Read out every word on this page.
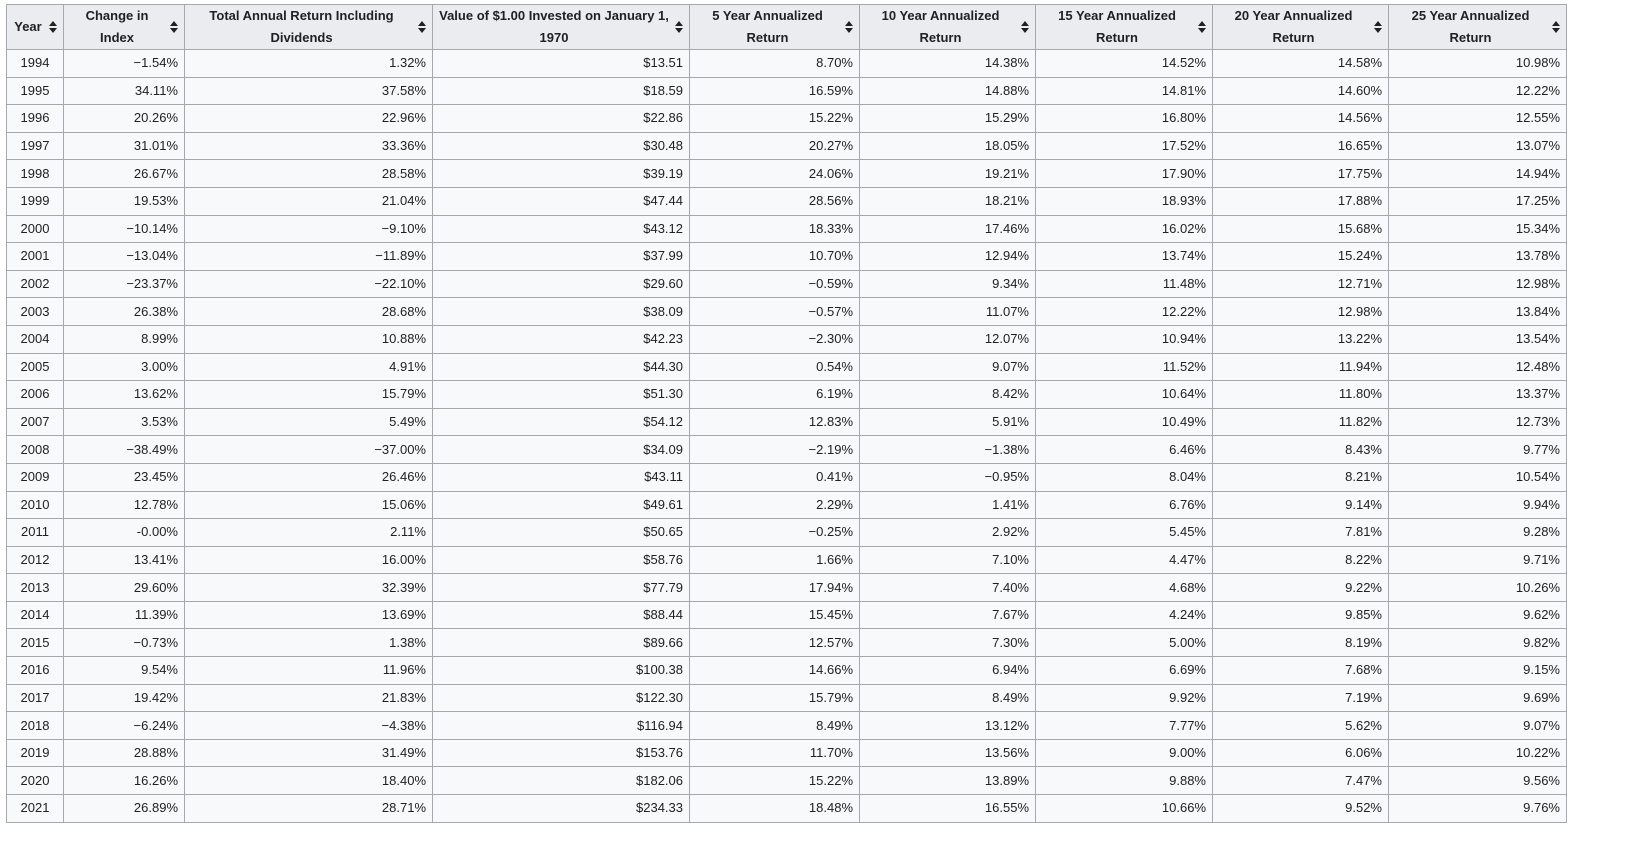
Year	Change in Index	Total Annual Return Including Dividends	Value of $1.00 Invested on January 1, 1970	5 Year Annualized Return	10 Year Annualized Return	15 Year Annualized Return	20 Year Annualized Return	25 Year Annualized Return

1994	−1.54%	1.32%	$13.51	8.70%	14.38%	14.52%	14.58%	10.98%
1995	34.11%	37.58%	$18.59	16.59%	14.88%	14.81%	14.60%	12.22%
1996	20.26%	22.96%	$22.86	15.22%	15.29%	16.80%	14.56%	12.55%
1997	31.01%	33.36%	$30.48	20.27%	18.05%	17.52%	16.65%	13.07%
1998	26.67%	28.58%	$39.19	24.06%	19.21%	17.90%	17.75%	14.94%
1999	19.53%	21.04%	$47.44	28.56%	18.21%	18.93%	17.88%	17.25%
2000	−10.14%	−9.10%	$43.12	18.33%	17.46%	16.02%	15.68%	15.34%
2001	−13.04%	−11.89%	$37.99	10.70%	12.94%	13.74%	15.24%	13.78%
2002	−23.37%	−22.10%	$29.60	−0.59%	9.34%	11.48%	12.71%	12.98%
2003	26.38%	28.68%	$38.09	−0.57%	11.07%	12.22%	12.98%	13.84%
2004	8.99%	10.88%	$42.23	−2.30%	12.07%	10.94%	13.22%	13.54%
2005	3.00%	4.91%	$44.30	0.54%	9.07%	11.52%	11.94%	12.48%
2006	13.62%	15.79%	$51.30	6.19%	8.42%	10.64%	11.80%	13.37%
2007	3.53%	5.49%	$54.12	12.83%	5.91%	10.49%	11.82%	12.73%
2008	−38.49%	−37.00%	$34.09	−2.19%	−1.38%	6.46%	8.43%	9.77%
2009	23.45%	26.46%	$43.11	0.41%	−0.95%	8.04%	8.21%	10.54%
2010	12.78%	15.06%	$49.61	2.29%	1.41%	6.76%	9.14%	9.94%
2011	-0.00%	2.11%	$50.65	−0.25%	2.92%	5.45%	7.81%	9.28%
2012	13.41%	16.00%	$58.76	1.66%	7.10%	4.47%	8.22%	9.71%
2013	29.60%	32.39%	$77.79	17.94%	7.40%	4.68%	9.22%	10.26%
2014	11.39%	13.69%	$88.44	15.45%	7.67%	4.24%	9.85%	9.62%
2015	−0.73%	1.38%	$89.66	12.57%	7.30%	5.00%	8.19%	9.82%
2016	9.54%	11.96%	$100.38	14.66%	6.94%	6.69%	7.68%	9.15%
2017	19.42%	21.83%	$122.30	15.79%	8.49%	9.92%	7.19%	9.69%
2018	−6.24%	−4.38%	$116.94	8.49%	13.12%	7.77%	5.62%	9.07%
2019	28.88%	31.49%	$153.76	11.70%	13.56%	9.00%	6.06%	10.22%
2020	16.26%	18.40%	$182.06	15.22%	13.89%	9.88%	7.47%	9.56%
2021	26.89%	28.71%	$234.33	18.48%	16.55%	10.66%	9.52%	9.76%
